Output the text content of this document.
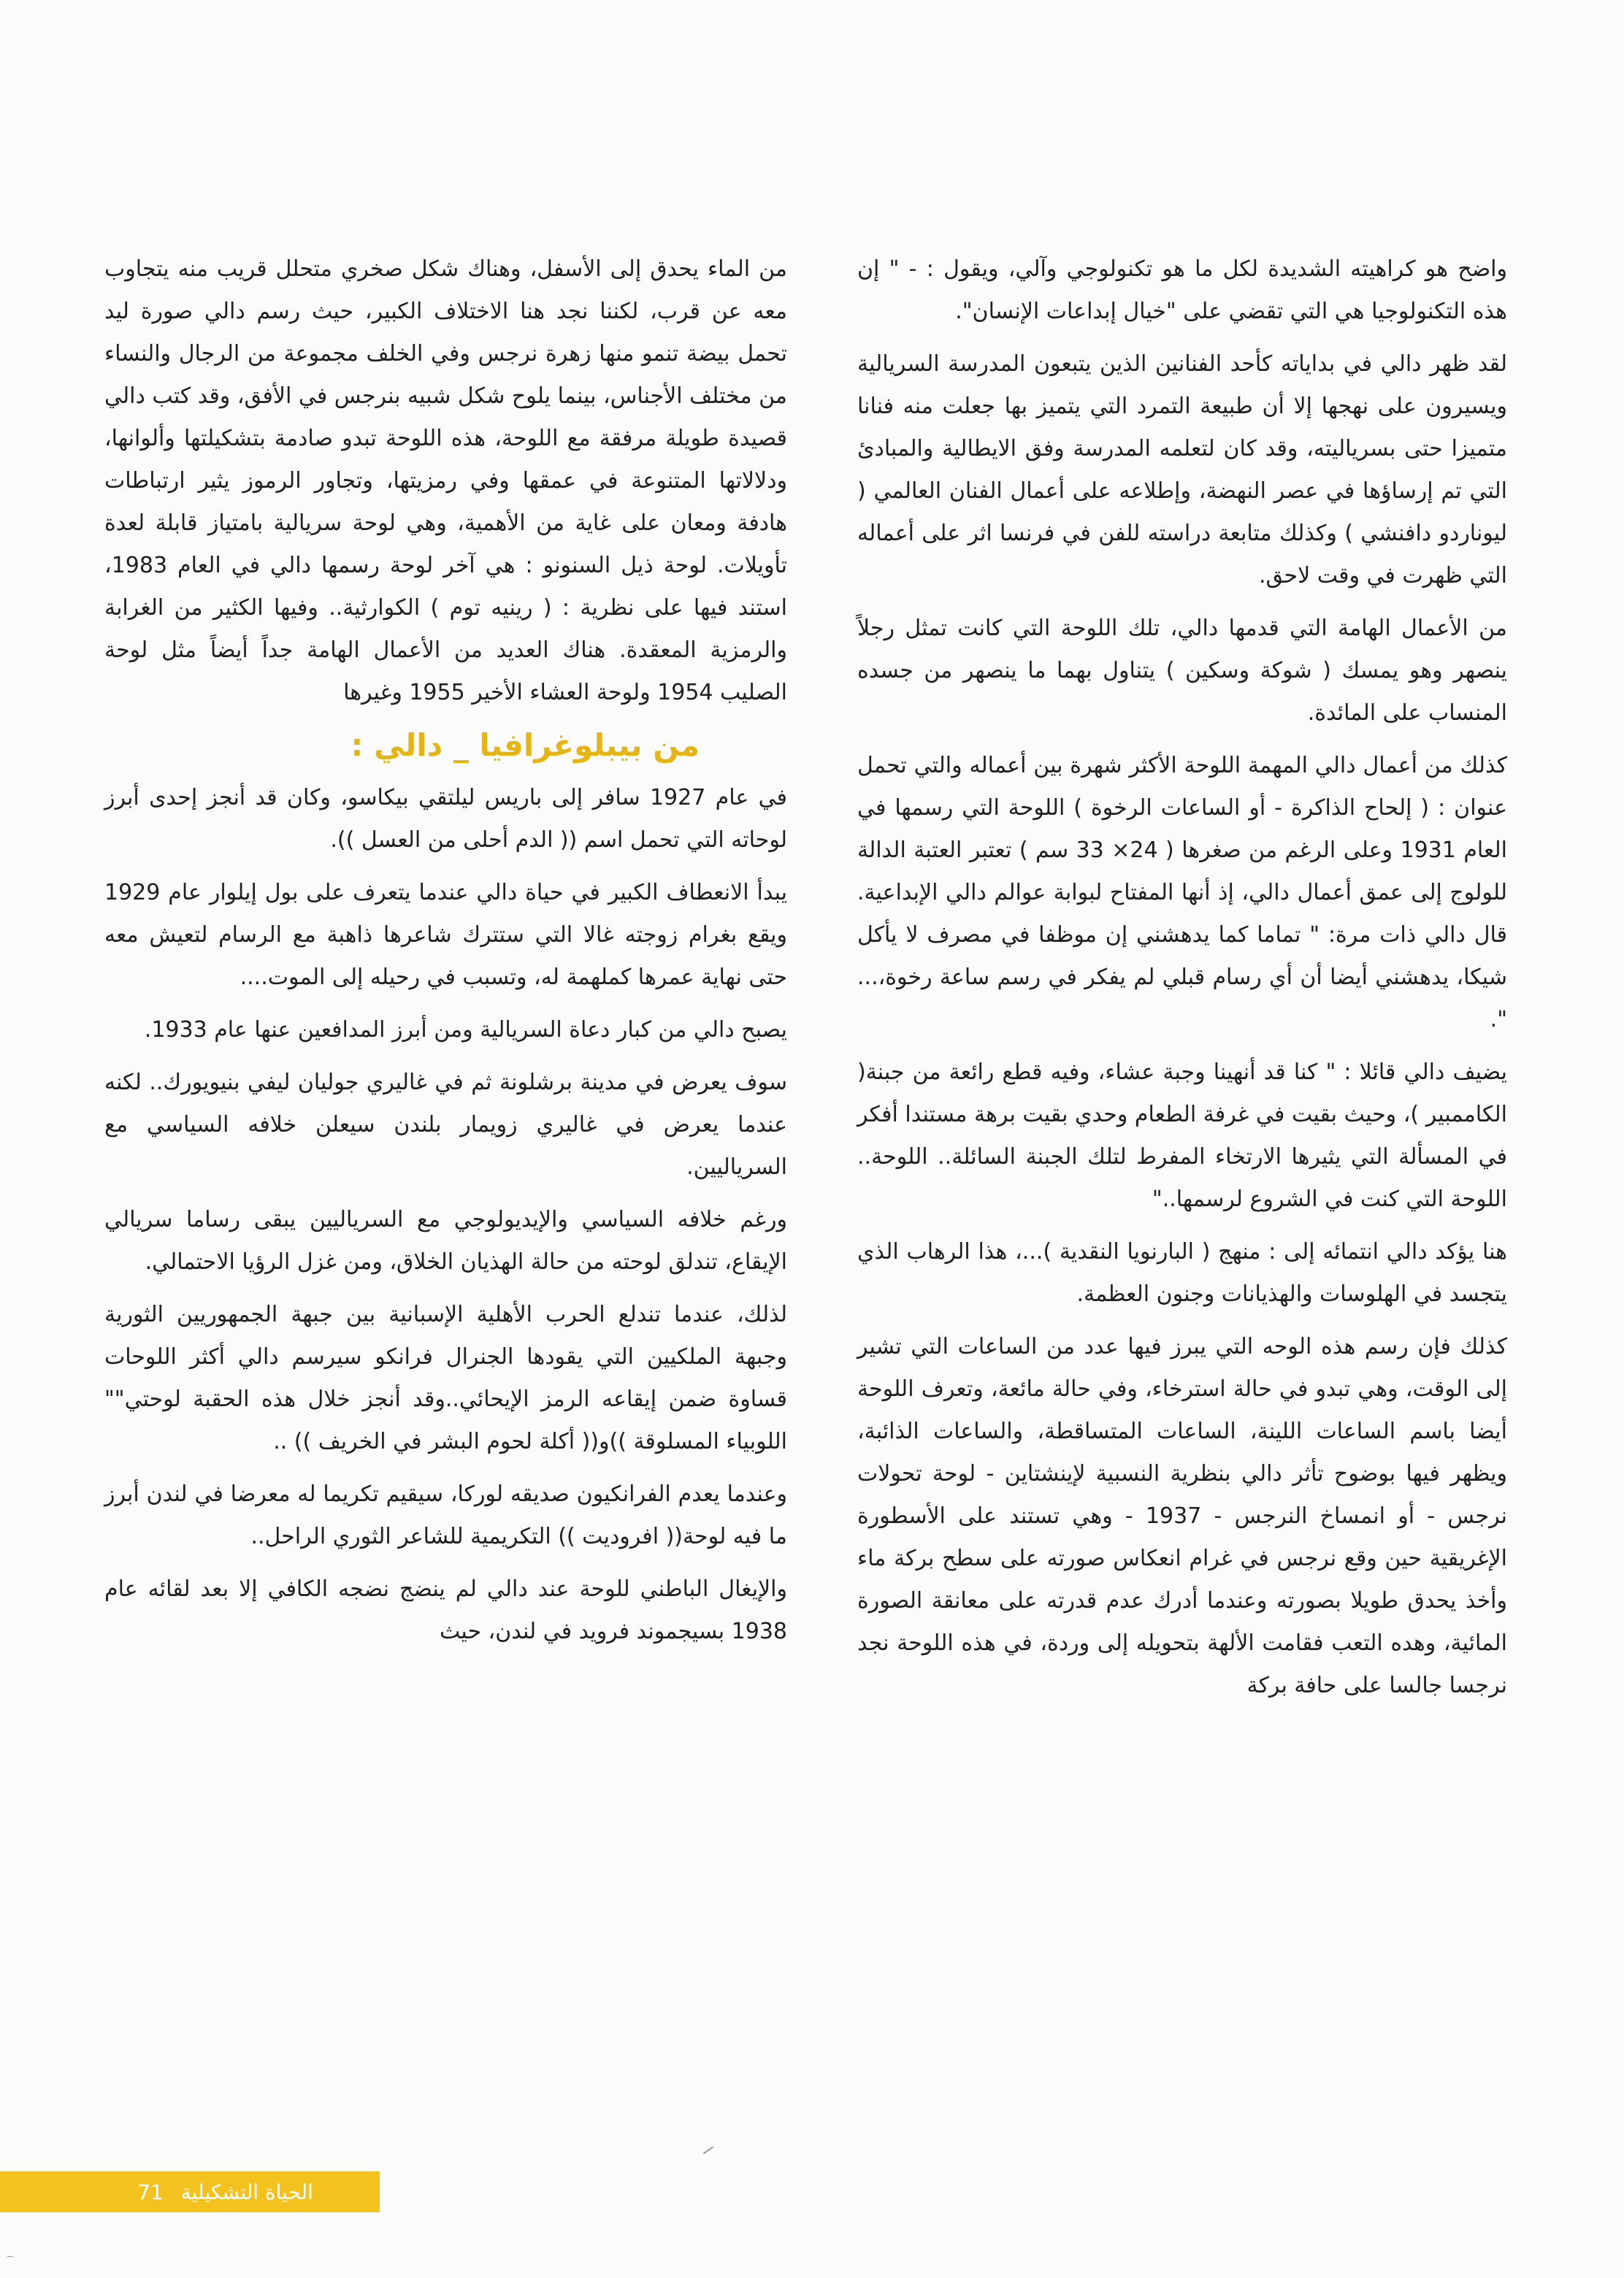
واضح هو كراهيته الشديدة لكل ما هو تكنولوجي وآلي، ويقول : - " إن هذه التكنولوجيا هي التي تقضي على "خيال إبداعات الإنسان".

لقد ظهر دالي في بداياته كأحد الفنانين الذين يتبعون المدرسة السريالية ويسيرون على نهجها إلا أن طبيعة التمرد التي يتميز بها جعلت منه فنانا متميزا حتى بسرياليته، وقد كان لتعلمه المدرسة وفق الايطالية والمبادئ التي تم إرساؤها في عصر النهضة، وإطلاعه على أعمال الفنان العالمي ( ليوناردو دافنشي ) وكذلك متابعة دراسته للفن في فرنسا اثر على أعماله التي ظهرت في وقت لاحق.

من الأعمال الهامة التي قدمها دالي، تلك اللوحة التي كانت تمثل رجلاً ينصهر وهو يمسك ( شوكة وسكين ) يتناول بهما ما ينصهر من جسده المنساب على المائدة.

كذلك من أعمال دالي المهمة اللوحة الأكثر شهرة بين أعماله والتي تحمل عنوان : ( إلحاح الذاكرة - أو الساعات الرخوة ) اللوحة التي رسمها في العام 1931 وعلى الرغم من صغرها ( 24× 33 سم ) تعتبر العتبة الدالة للولوج إلى عمق أعمال دالي، إذ أنها المفتاح لبوابة عوالم دالي الإبداعية. قال دالي ذات مرة: " تماما كما يدهشني إن موظفا في مصرف لا يأكل شيكا، يدهشني أيضا أن أي رسام قبلي لم يفكر في رسم ساعة رخوة،... ".

يضيف دالي قائلا : " كنا قد أنهينا وجبة عشاء، وفيه قطع رائعة من جبنة( الكاممبير )، وحيث بقيت في غرفة الطعام وحدي بقيت برهة مستندا أفكر في المسألة التي يثيرها الارتخاء المفرط لتلك الجبنة السائلة.. اللوحة.. اللوحة التي كنت في الشروع لرسمها.."

هنا يؤكد دالي انتمائه إلى : منهج ( البارنويا النقدية )...، هذا الرهاب الذي يتجسد في الهلوسات والهذيانات وجنون العظمة.

كذلك فإن رسم هذه الوحه التي يبرز فيها عدد من الساعات التي تشير إلى الوقت، وهي تبدو في حالة استرخاء، وفي حالة مائعة، وتعرف اللوحة أيضا باسم الساعات اللينة، الساعات المتساقطة، والساعات الذائبة، ويظهر فيها بوضوح تأثر دالي بنظرية النسبية لإينشتاين - لوحة تحولات نرجس - أو انمساخ النرجس - 1937 - وهي تستند على الأسطورة الإغريقية حين وقع نرجس في غرام انعكاس صورته على سطح بركة ماء وأخذ يحدق طويلا بصورته وعندما أدرك عدم قدرته على معانقة الصورة المائية، وهده التعب فقامت الألهة بتحويله إلى وردة، في هذه اللوحة نجد نرجسا جالسا على حافة بركة

من الماء يحدق إلى الأسفل، وهناك شكل صخري متحلل قريب منه يتجاوب معه عن قرب، لكننا نجد هنا الاختلاف الكبير، حيث رسم دالي صورة ليد تحمل بيضة تنمو منها زهرة نرجس وفي الخلف مجموعة من الرجال والنساء من مختلف الأجناس، بينما يلوح شكل شبيه بنرجس في الأفق، وقد كتب دالي قصيدة طويلة مرفقة مع اللوحة، هذه اللوحة تبدو صادمة بتشكيلتها وألوانها، ودلالاتها المتنوعة في عمقها وفي رمزيتها، وتجاور الرموز يثير ارتباطات هادفة ومعان على غاية من الأهمية، وهي لوحة سريالية بامتياز قابلة لعدة تأويلات. لوحة ذيل السنونو : هي آخر لوحة رسمها دالي في العام 1983، استند فيها على نظرية : ( رينيه توم ) الكوارثية.. وفيها الكثير من الغرابة والرمزية المعقدة. هناك العديد من الأعمال الهامة جداً أيضاً مثل لوحة الصليب 1954 ولوحة العشاء الأخير 1955 وغيرها

من بيبلوغرافيا _ دالي :

في عام 1927 سافر إلى باريس ليلتقي بيكاسو، وكان قد أنجز إحدى أبرز لوحاته التي تحمل اسم (( الدم أحلى من العسل )).

يبدأ الانعطاف الكبير في حياة دالي عندما يتعرف على بول إيلوار عام 1929 ويقع بغرام زوجته غالا التي ستترك شاعرها ذاهبة مع الرسام لتعيش معه حتى نهاية عمرها كملهمة له، وتسبب في رحيله إلى الموت....

يصبح دالي من كبار دعاة السريالية ومن أبرز المدافعين عنها عام 1933.

سوف يعرض في مدينة برشلونة ثم في غاليري جوليان ليفي بنيويورك.. لكنه عندما يعرض في غاليري زويمار بلندن سيعلن خلافه السياسي مع السرياليين.

ورغم خلافه السياسي والإيديولوجي مع السرياليين يبقى رساما سريالي الإيقاع، تندلق لوحته من حالة الهذيان الخلاق، ومن غزل الرؤيا الاحتمالي.

لذلك، عندما تندلع الحرب الأهلية الإسبانية بين جبهة الجمهوريين الثورية وجبهة الملكيين التي يقودها الجنرال فرانكو سيرسم دالي أكثر اللوحات قساوة ضمن إيقاعه الرمز الإيحائي..وقد أنجز خلال هذه الحقبة لوحتي"" اللوبياء المسلوقة ))و(( أكلة لحوم البشر في الخريف )) ..

وعندما يعدم الفرانكيون صديقه لوركا، سيقيم تكريما له معرضا في لندن أبرز ما فيه لوحة(( افروديت )) التكريمية للشاعر الثوري الراحل..

والإيغال الباطني للوحة عند دالي لم ينضج نضجه الكافي إلا بعد لقائه عام 1938 بسيجموند فرويد في لندن، حيث

الحياة التشكيلية
71
